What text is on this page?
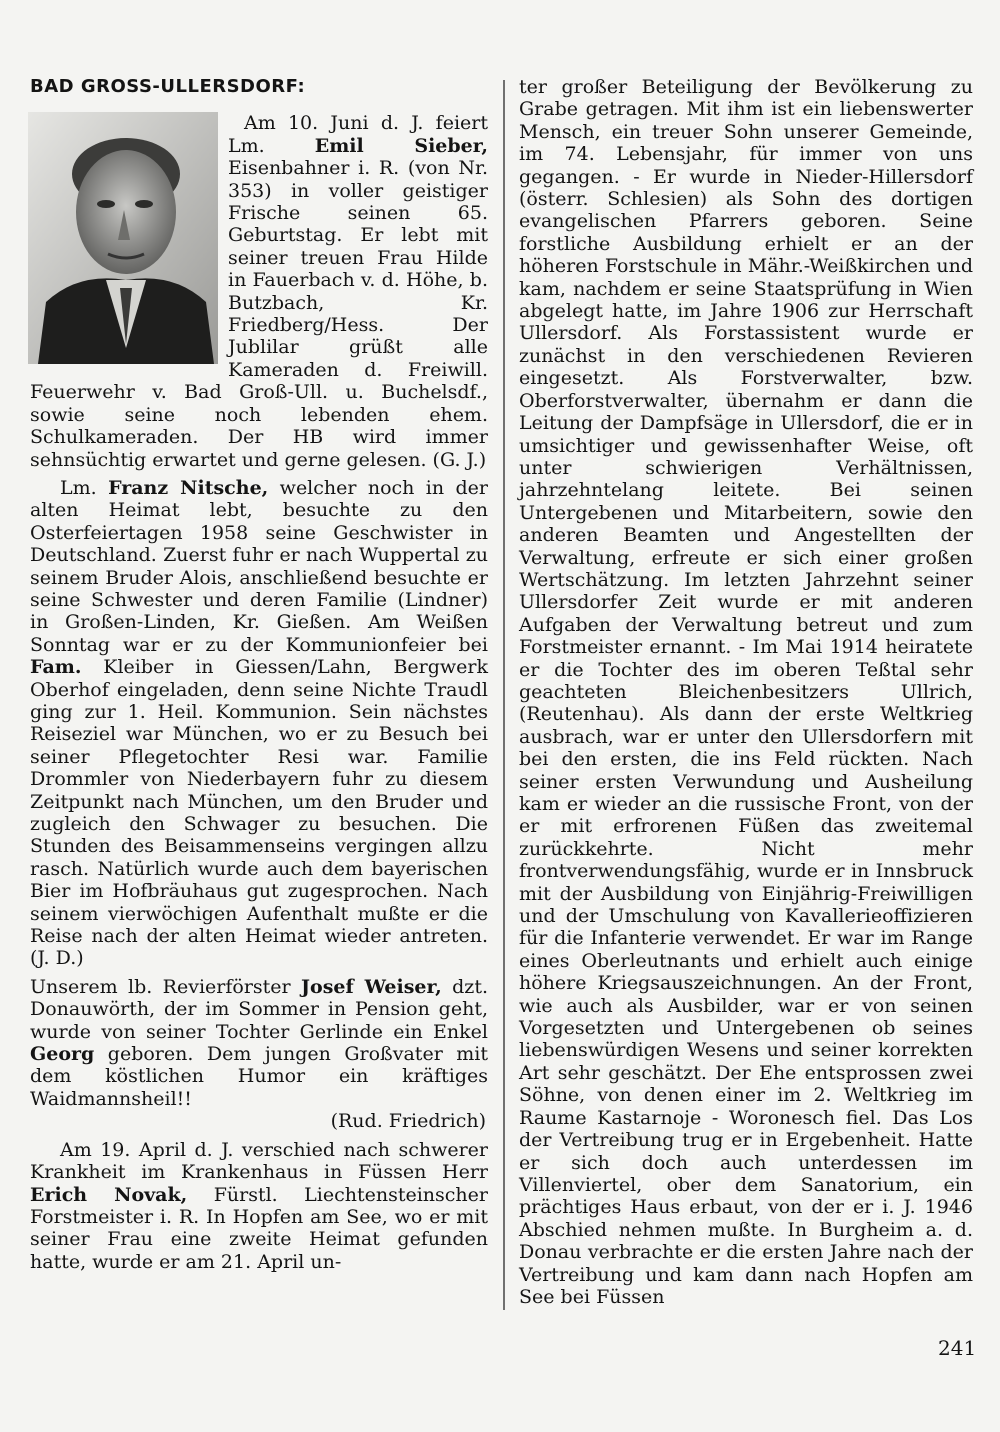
BAD GROSS-ULLERSDORF:

Am 10. Juni d. J. feiert Lm. Emil Sieber, Eisenbahner i. R. (von Nr. 353) in voller geistiger Frische seinen 65. Geburtstag. Er lebt mit seiner treuen Frau Hilde in Fauerbach v. d. Höhe, b. Butzbach, Kr. Friedberg/Hess. Der Jublilar grüßt alle Kameraden d. Freiwill. Feuerwehr v. Bad Groß-Ull. u. Buchelsdf., sowie seine noch lebenden ehem. Schulkameraden. Der HB wird immer sehnsüchtig erwartet und gerne gelesen. (G. J.)

Lm. Franz Nitsche, welcher noch in der alten Heimat lebt, besuchte zu den Osterfeiertagen 1958 seine Geschwister in Deutschland. Zuerst fuhr er nach Wuppertal zu seinem Bruder Alois, anschließend besuchte er seine Schwester und deren Familie (Lindner) in Großen-Linden, Kr. Gießen. Am Weißen Sonntag war er zu der Kommunionfeier bei Fam. Kleiber in Giessen/Lahn, Bergwerk Oberhof eingeladen, denn seine Nichte Traudl ging zur 1. Heil. Kommunion. Sein nächstes Reiseziel war München, wo er zu Besuch bei seiner Pflegetochter Resi war. Familie Drommler von Niederbayern fuhr zu diesem Zeitpunkt nach München, um den Bruder und zugleich den Schwager zu besuchen. Die Stunden des Beisammenseins vergingen allzu rasch. Natürlich wurde auch dem bayerischen Bier im Hofbräuhaus gut zugesprochen. Nach seinem vierwöchigen Aufenthalt mußte er die Reise nach der alten Heimat wieder antreten. (J. D.)

Unserem lb. Revierförster Josef Weiser, dzt. Donauwörth, der im Sommer in Pension geht, wurde von seiner Tochter Gerlinde ein Enkel Georg geboren. Dem jungen Großvater mit dem köstlichen Humor ein kräftiges Waidmannsheil!!

(Rud. Friedrich)

Am 19. April d. J. verschied nach schwerer Krankheit im Krankenhaus in Füssen Herr Erich Novak, Fürstl. Liechtensteinscher Forstmeister i. R. In Hopfen am See, wo er mit seiner Frau eine zweite Heimat gefunden hatte, wurde er am 21. April un-

ter großer Beteiligung der Bevölkerung zu Grabe getragen. Mit ihm ist ein liebenswerter Mensch, ein treuer Sohn unserer Gemeinde, im 74. Lebensjahr, für immer von uns gegangen. - Er wurde in Nieder-Hillersdorf (österr. Schlesien) als Sohn des dortigen evangelischen Pfarrers geboren. Seine forstliche Ausbildung erhielt er an der höheren Forstschule in Mähr.-Weißkirchen und kam, nachdem er seine Staatsprüfung in Wien abgelegt hatte, im Jahre 1906 zur Herrschaft Ullersdorf. Als Forstassistent wurde er zunächst in den verschiedenen Revieren eingesetzt. Als Forstverwalter, bzw. Oberforstverwalter, übernahm er dann die Leitung der Dampfsäge in Ullersdorf, die er in umsichtiger und gewissenhafter Weise, oft unter schwierigen Verhältnissen, jahrzehntelang leitete. Bei seinen Untergebenen und Mitarbeitern, sowie den anderen Beamten und Angestellten der Verwaltung, erfreute er sich einer großen Wertschätzung. Im letzten Jahrzehnt seiner Ullersdorfer Zeit wurde er mit anderen Aufgaben der Verwaltung betreut und zum Forstmeister ernannt. - Im Mai 1914 heiratete er die Tochter des im oberen Teßtal sehr geachteten Bleichenbesitzers Ullrich, (Reutenhau). Als dann der erste Weltkrieg ausbrach, war er unter den Ullersdorfern mit bei den ersten, die ins Feld rückten. Nach seiner ersten Verwundung und Ausheilung kam er wieder an die russische Front, von der er mit erfrorenen Füßen das zweitemal zurückkehrte. Nicht mehr frontverwendungsfähig, wurde er in Innsbruck mit der Ausbildung von Einjährig-Freiwilligen und der Umschulung von Kavallerieoffizieren für die Infanterie verwendet. Er war im Range eines Oberleutnants und erhielt auch einige höhere Kriegsauszeichnungen. An der Front, wie auch als Ausbilder, war er von seinen Vorgesetzten und Untergebenen ob seines liebenswürdigen Wesens und seiner korrekten Art sehr geschätzt. Der Ehe entsprossen zwei Söhne, von denen einer im 2. Weltkrieg im Raume Kastarnoje - Woronesch fiel. Das Los der Vertreibung trug er in Ergebenheit. Hatte er sich doch auch unterdessen im Villenviertel, ober dem Sanatorium, ein prächtiges Haus erbaut, von der er i. J. 1946 Abschied nehmen mußte. In Burgheim a. d. Donau verbrachte er die ersten Jahre nach der Vertreibung und kam dann nach Hopfen am See bei Füssen

241
